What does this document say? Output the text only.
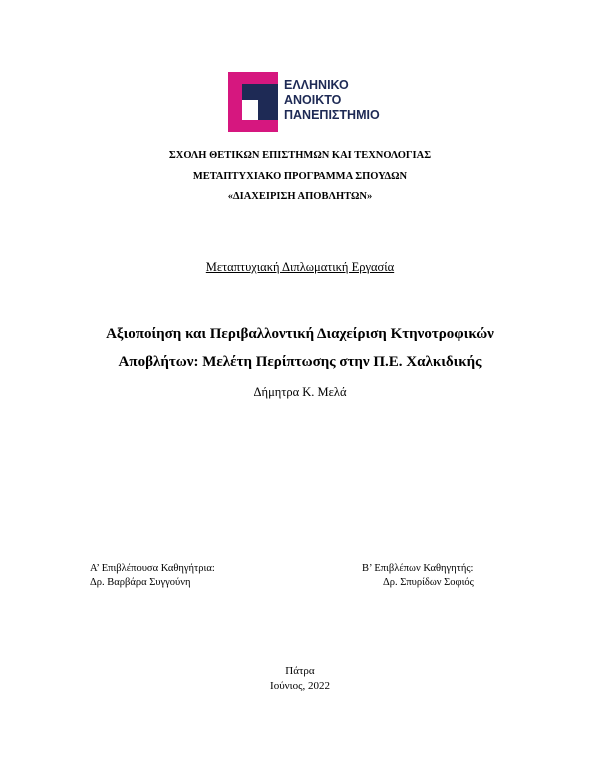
ΕΛΛΗΝΙΚΟ
ΑΝΟΙΚΤΟ
ΠΑΝΕΠΙΣΤΗΜΙΟ
ΣΧΟΛΗ ΘΕΤΙΚΩΝ ΕΠΙΣΤΗΜΩΝ ΚΑΙ ΤΕΧΝΟΛΟΓΙΑΣ
ΜΕΤΑΠΤΥΧΙΑΚΟ ΠΡΟΓΡΑΜΜΑ ΣΠΟΥΔΩΝ
«ΔΙΑΧΕΙΡΙΣΗ ΑΠΟΒΛΗΤΩΝ»
Μεταπτυχιακή Διπλωματική Εργασία
Αξιοποίηση και Περιβαλλοντική Διαχείριση Κτηνοτροφικών
Αποβλήτων: Μελέτη Περίπτωσης στην Π.Ε. Χαλκιδικής
Δήμητρα Κ. Μελά
Α’ Επιβλέπουσα Καθηγήτρια:
Δρ. Βαρβάρα Συγγούνη
Β’ Επιβλέπων Καθηγητής:
Δρ. Σπυρίδων Σοφιός
Πάτρα
Ιούνιος, 2022
